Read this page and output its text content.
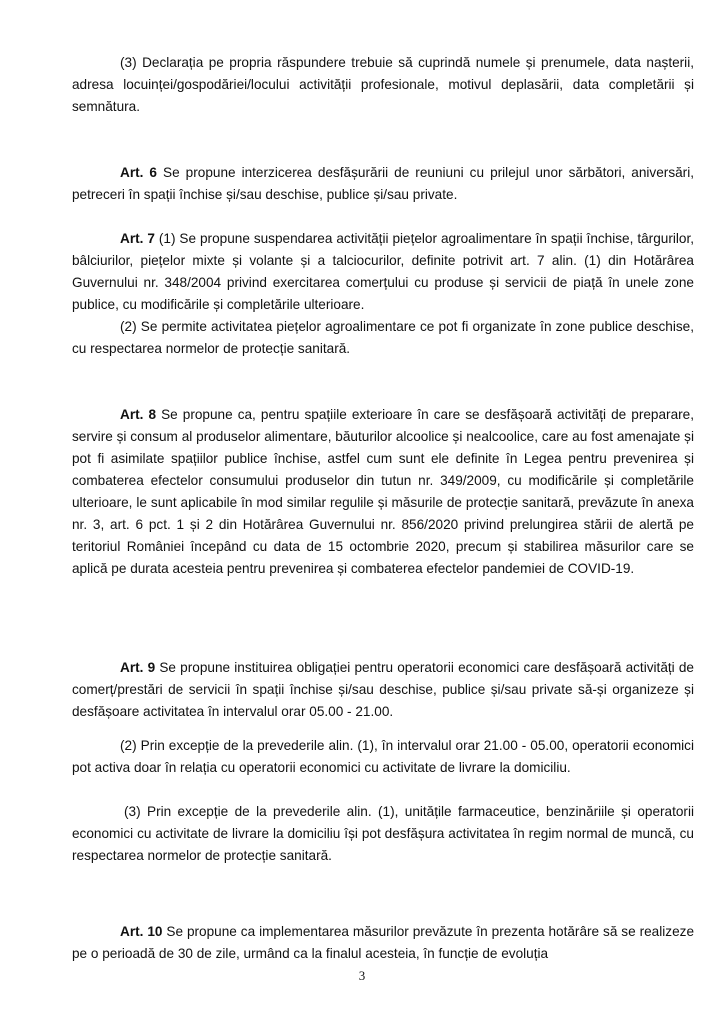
(3) Declarația pe propria răspundere trebuie să cuprindă numele și prenumele, data nașterii, adresa locuinței/gospodăriei/locului activității profesionale, motivul deplasării, data completării și semnătura.

Art. 6 Se propune interzicerea desfășurării de reuniuni cu prilejul unor sărbători, aniversări, petreceri în spații închise și/sau deschise, publice și/sau private.

Art. 7 (1) Se propune suspendarea activității piețelor agroalimentare în spații închise, târgurilor, bâlciurilor, piețelor mixte și volante și a talciocurilor, definite potrivit art. 7 alin. (1) din Hotărârea Guvernului nr. 348/2004 privind exercitarea comerțului cu produse și servicii de piață în unele zone publice, cu modificările și completările ulterioare.

(2) Se permite activitatea piețelor agroalimentare ce pot fi organizate în zone publice deschise, cu respectarea normelor de protecție sanitară.

Art. 8 Se propune ca, pentru spațiile exterioare în care se desfășoară activități de preparare, servire și consum al produselor alimentare, băuturilor alcoolice și nealcoolice, care au fost amenajate și pot fi asimilate spațiilor publice închise, astfel cum sunt ele definite în Legea pentru prevenirea și combaterea efectelor consumului produselor din tutun nr. 349/2009, cu modificările și completările ulterioare, le sunt aplicabile în mod similar regulile și măsurile de protecție sanitară, prevăzute în anexa nr. 3, art. 6 pct. 1 și 2 din Hotărârea Guvernului nr. 856/2020 privind prelungirea stării de alertă pe teritoriul României începând cu data de 15 octombrie 2020, precum și stabilirea măsurilor care se aplică pe durata acesteia pentru prevenirea și combaterea efectelor pandemiei de COVID-19.

Art. 9 Se propune instituirea obligației pentru operatorii economici care desfășoară activități de comerț/prestări de servicii în spații închise și/sau deschise, publice și/sau private să-și organizeze și desfășoare activitatea în intervalul orar 05.00 - 21.00.

(2) Prin excepție de la prevederile alin. (1), în intervalul orar 21.00 - 05.00, operatorii economici pot activa doar în relația cu operatorii economici cu activitate de livrare la domiciliu.

(3) Prin excepție de la prevederile alin. (1), unitățile farmaceutice, benzinăriile și operatorii economici cu activitate de livrare la domiciliu își pot desfășura activitatea în regim normal de muncă, cu respectarea normelor de protecție sanitară.

Art. 10 Se propune ca implementarea măsurilor prevăzute în prezenta hotărâre să se realizeze pe o perioadă de 30 de zile, urmând ca la finalul acesteia, în funcție de evoluția

3
